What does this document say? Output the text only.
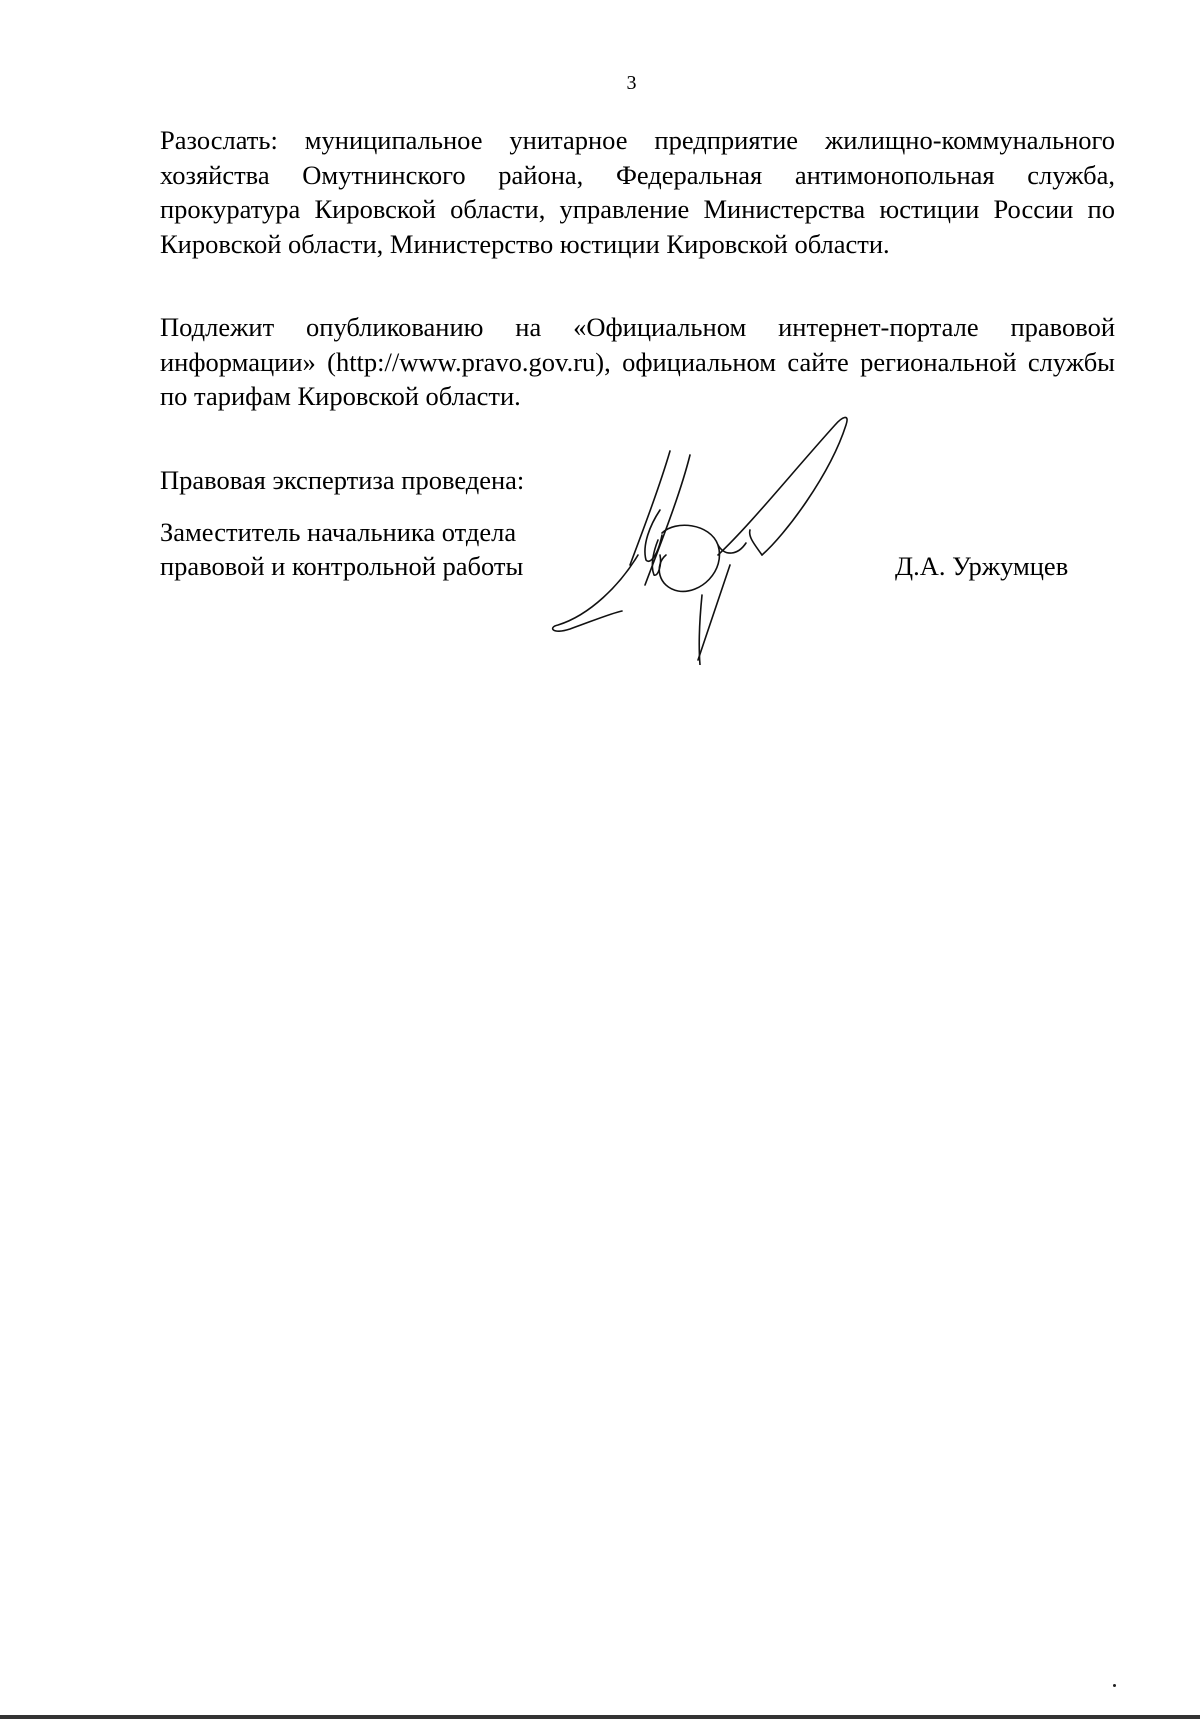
3

Разослать: муниципальное унитарное предприятие жилищно-коммунального хозяйства Омутнинского района, Федеральная антимонопольная служба, прокуратура Кировской области, управление Министерства юстиции России по Кировской области, Министерство юстиции Кировской области.

Подлежит опубликованию на «Официальном интернет-портале правовой информации» (http://www.pravo.gov.ru), официальном сайте региональной службы по тарифам Кировской области.

Правовая экспертиза проведена:
Заместитель начальника отдела
правовой и контрольной работы	Д.А. Уржумцев
